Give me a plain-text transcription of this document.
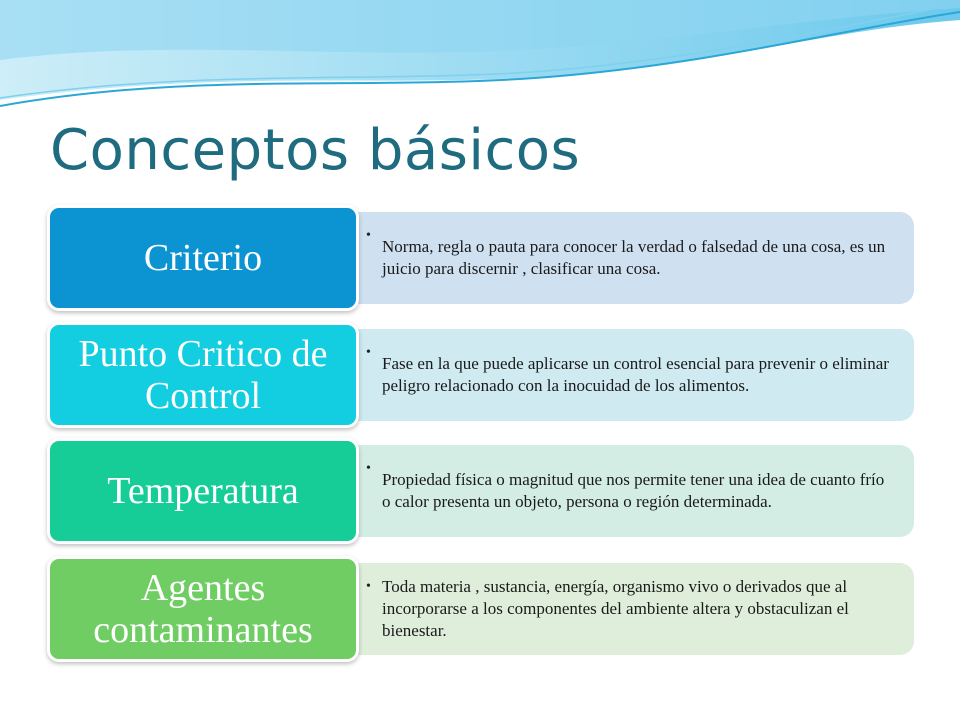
Conceptos básicos
•
Norma, regla o pauta para conocer la verdad o falsedad de una cosa, es un juicio para discernir , clasificar una cosa.
Criterio
•
Fase en la que puede aplicarse un control esencial para prevenir o eliminar peligro relacionado con la inocuidad de los alimentos.
Punto Critico de Control
•
Propiedad física o magnitud que nos permite tener una idea de cuanto frío o calor presenta un objeto, persona o región determinada.
Temperatura
• Toda materia , sustancia, energía, organismo vivo o derivados que al incorporarse a los componentes del ambiente altera y obstaculizan el bienestar.
Agentes contaminantes
